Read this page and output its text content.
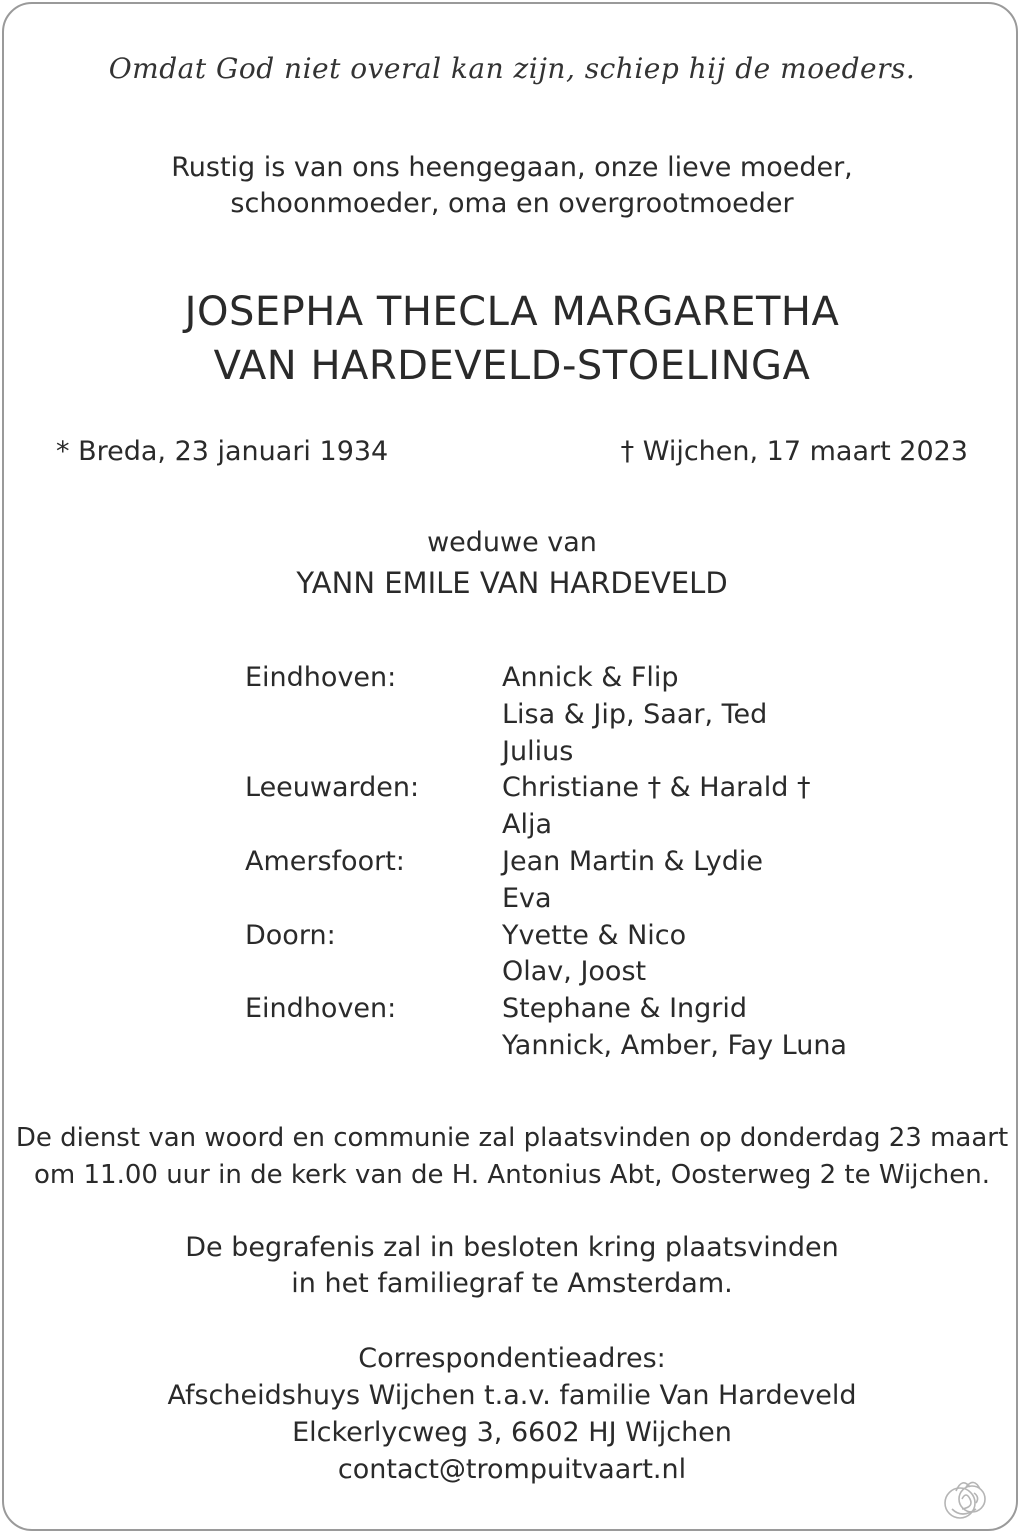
Omdat God niet overal kan zijn, schiep hij de moeders.
Rustig is van ons heengegaan, onze lieve moeder,
schoonmoeder, oma en overgrootmoeder
JOSEPHA THECLA MARGARETHA
VAN HARDEVELD-STOELINGA
* Breda, 23 januari 1934	† Wijchen, 17 maart 2023
weduwe van
YANN EMILE VAN HARDEVELD
Eindhoven:	Annick & Flip
Lisa & Jip, Saar, Ted
Julius
Leeuwarden:	Christiane † & Harald †
Alja
Amersfoort:	Jean Martin & Lydie
Eva
Doorn:	Yvette & Nico
Olav, Joost
Eindhoven:	Stephane & Ingrid
Yannick, Amber, Fay Luna
De dienst van woord en communie zal plaatsvinden op donderdag 23 maart
om 11.00 uur in de kerk van de H. Antonius Abt, Oosterweg 2 te Wijchen.
De begrafenis zal in besloten kring plaatsvinden
in het familiegraf te Amsterdam.
Correspondentieadres:
Afscheidshuys Wijchen t.a.v. familie Van Hardeveld
Elckerlycweg 3, 6602 HJ Wijchen
contact@trompuitvaart.nl
